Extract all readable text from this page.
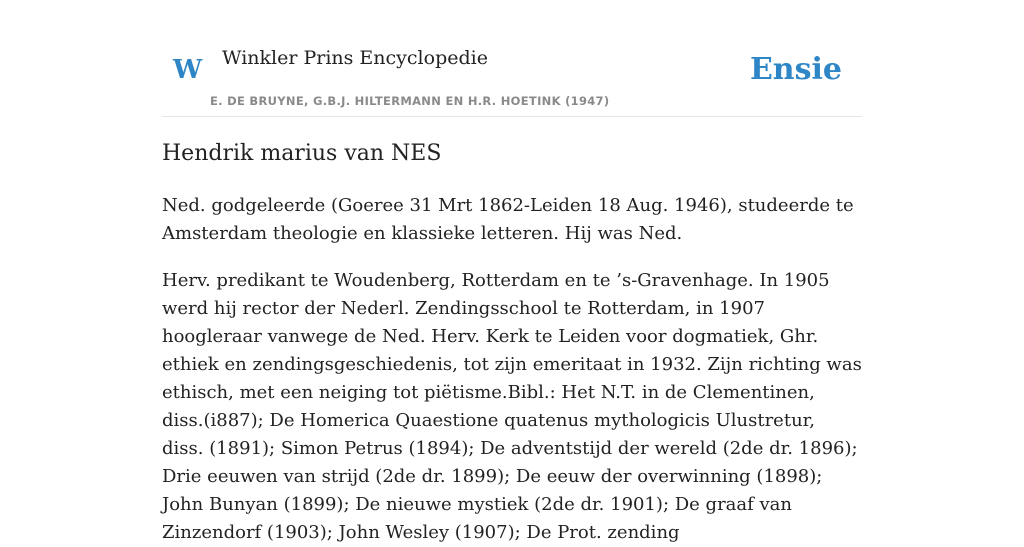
W Winkler Prins Encyclopedie
E. DE BRUYNE, G.B.J. HILTERMANN EN H.R. HOETINK (1947)
Ensie
Hendrik marius van NES

Ned. godgeleerde (Goeree 31 Mrt 1862-Leiden 18 Aug. 1946), studeerde te Amsterdam theologie en klassieke letteren. Hij was Ned.

Herv. predikant te Woudenberg, Rotterdam en te ’s-Gravenhage. In 1905 werd hij rector der Nederl. Zendingsschool te Rotterdam, in 1907 hoogleraar vanwege de Ned. Herv. Kerk te Leiden voor dogmatiek, Ghr. ethiek en zendingsgeschiedenis, tot zijn emeritaat in 1932. Zijn richting was ethisch, met een neiging tot piëtisme.Bibl.: Het N.T. in de Clementinen, diss.(i887); De Homerica Quaestione quatenus mythologicis Ulustretur, diss. (1891); Simon Petrus (1894); De adventstijd der wereld (2de dr. 1896); Drie eeuwen van strijd (2de dr. 1899); De eeuw der overwinning (1898); John Bunyan (1899); De nieuwe mystiek (2de dr. 1901); De graaf van Zinzendorf (1903); John Wesley (1907); De Prot. zending
